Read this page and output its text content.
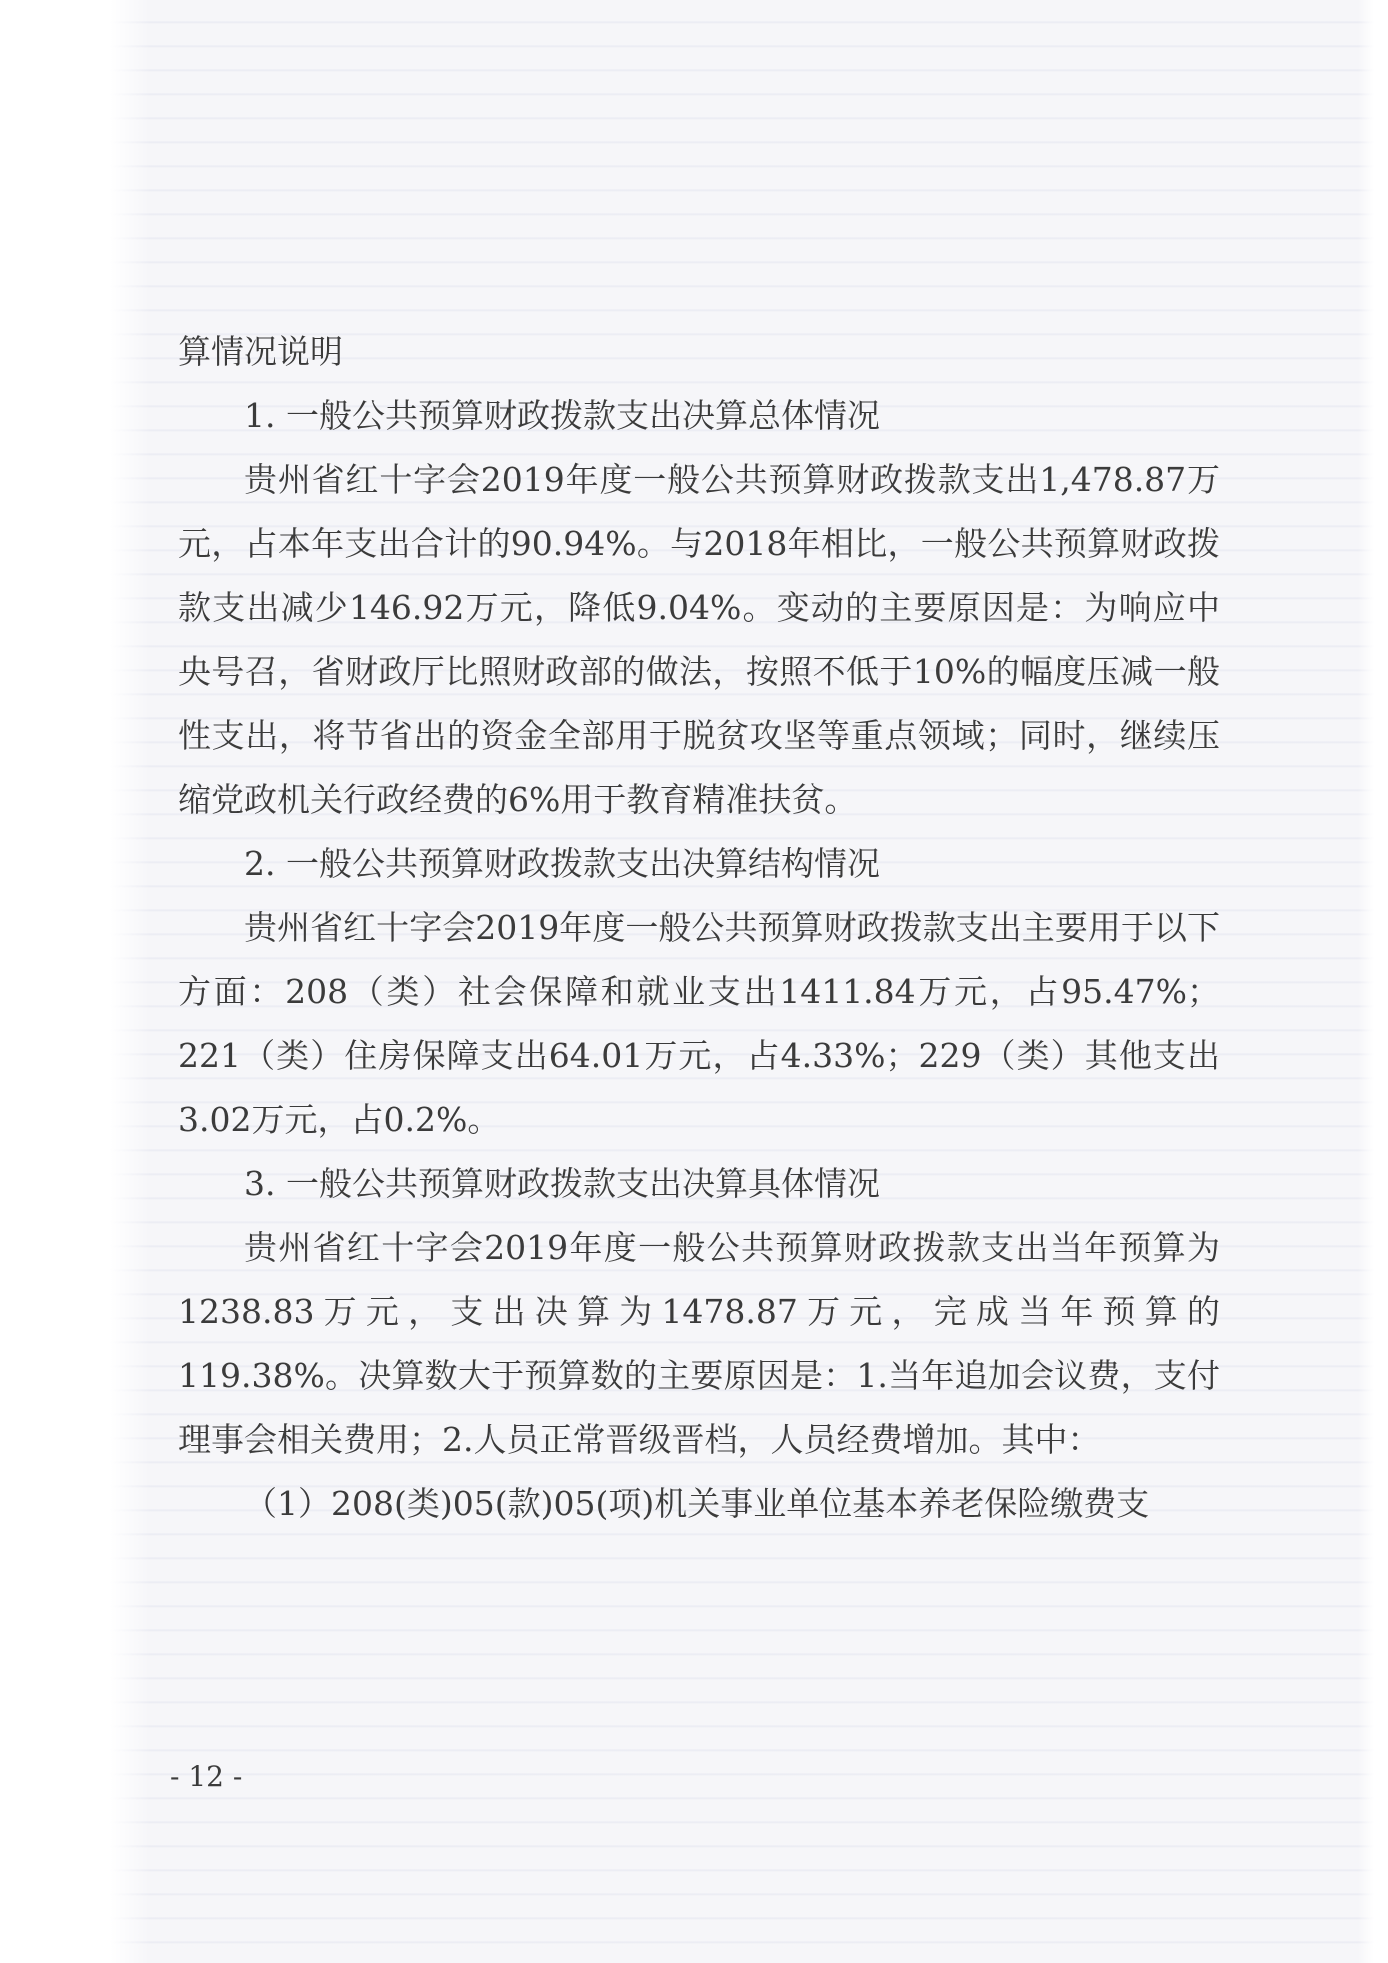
算情况说明

1. 一般公共预算财政拨款支出决算总体情况

贵州省红十字会2019年度一般公共预算财政拨款支出1,478.87万元，占本年支出合计的90.94%。与2018年相比，一般公共预算财政拨款支出减少146.92万元，降低9.04%。变动的主要原因是：为响应中央号召，省财政厅比照财政部的做法，按照不低于10%的幅度压减一般性支出，将节省出的资金全部用于脱贫攻坚等重点领域；同时，继续压缩党政机关行政经费的6%用于教育精准扶贫。

2. 一般公共预算财政拨款支出决算结构情况

贵州省红十字会2019年度一般公共预算财政拨款支出主要用于以下方面：208（类）社会保障和就业支出1411.84万元，占95.47%；221（类）住房保障支出64.01万元，占4.33%；229（类）其他支出3.02万元，占0.2%。

3. 一般公共预算财政拨款支出决算具体情况

贵州省红十字会2019年度一般公共预算财政拨款支出当年预算为1238.83万元，支出决算为1478.87万元，完成当年预算的119.38%。决算数大于预算数的主要原因是：1.当年追加会议费，支付理事会相关费用；2.人员正常晋级晋档，人员经费增加。其中：

（1）208(类)05(款)05(项)机关事业单位基本养老保险缴费支

- 12 -
